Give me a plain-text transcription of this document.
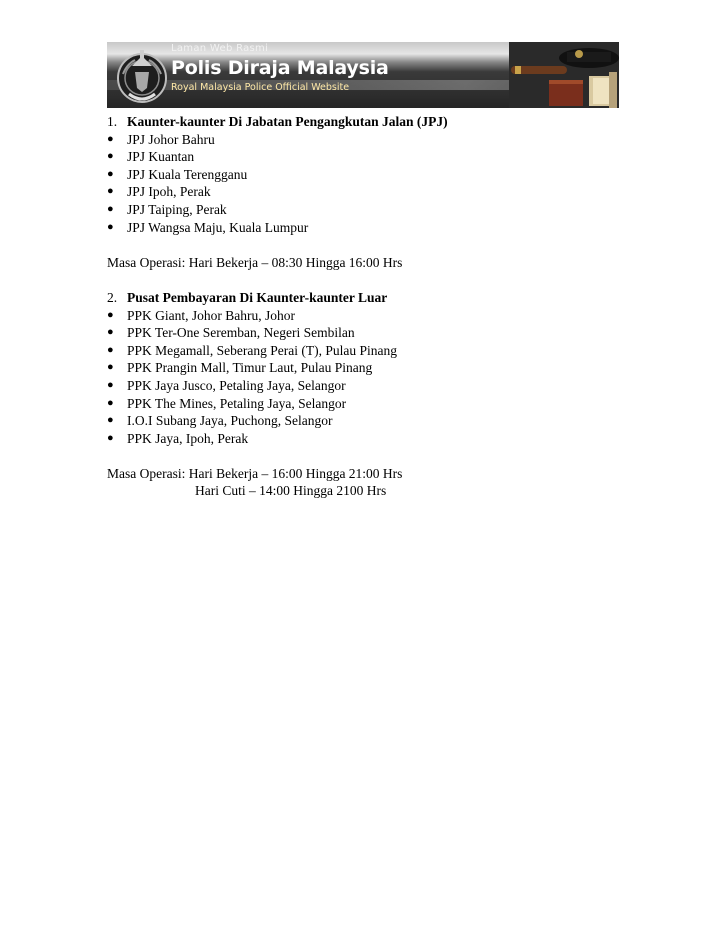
Laman Web Rasmi
Polis Diraja Malaysia
Royal Malaysia Police Official Website
1. Kaunter-kaunter Di Jabatan Pengangkutan Jalan (JPJ)
● JPJ Johor Bahru
● JPJ Kuantan
● JPJ Kuala Terengganu
● JPJ Ipoh, Perak
● JPJ Taiping, Perak
● JPJ Wangsa Maju, Kuala Lumpur
Masa Operasi: Hari Bekerja – 08:30 Hingga 16:00 Hrs
2. Pusat Pembayaran Di Kaunter-kaunter Luar
● PPK Giant, Johor Bahru, Johor
● PPK Ter-One Seremban, Negeri Sembilan
● PPK Megamall, Seberang Perai (T), Pulau Pinang
● PPK Prangin Mall, Timur Laut, Pulau Pinang
● PPK Jaya Jusco, Petaling Jaya, Selangor
● PPK The Mines, Petaling Jaya, Selangor
● I.O.I Subang Jaya, Puchong, Selangor
● PPK Jaya, Ipoh, Perak
Masa Operasi: Hari Bekerja – 16:00 Hingga 21:00 Hrs
Hari Cuti – 14:00 Hingga 2100 Hrs
